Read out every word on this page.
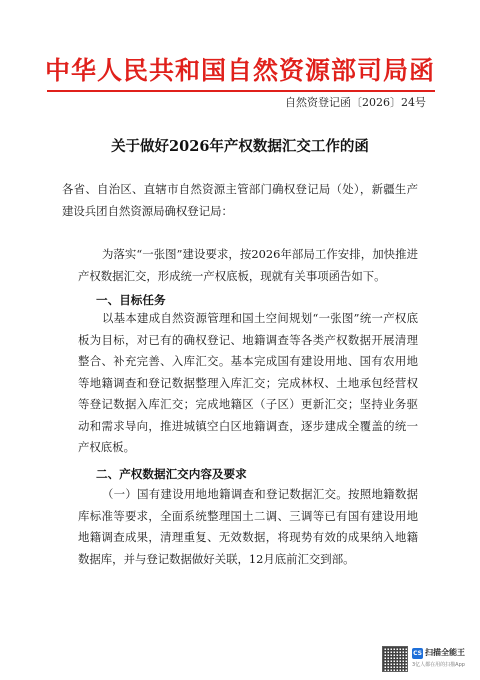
中华人民共和国自然资源部司局函
自然资登记函〔2026〕24号
关于做好2026年产权数据汇交工作的函

各省、自治区、直辖市自然资源主管部门确权登记局（处），新疆生产建设兵团自然资源局确权登记局：

为落实“一张图”建设要求，按2026年部局工作安排，加快推进产权数据汇交，形成统一产权底板，现就有关事项函告如下。

一、目标任务

以基本建成自然资源管理和国土空间规划“一张图”统一产权底板为目标，对已有的确权登记、地籍调查等各类产权数据开展清理整合、补充完善、入库汇交。基本完成国有建设用地、国有农用地等地籍调查和登记数据整理入库汇交；完成林权、土地承包经营权等登记数据入库汇交；完成地籍区（子区）更新汇交；坚持业务驱动和需求导向，推进城镇空白区地籍调查，逐步建成全覆盖的统一产权底板。

二、产权数据汇交内容及要求

（一）国有建设用地地籍调查和登记数据汇交。按照地籍数据库标准等要求，全面系统整理国土二调、三调等已有国有建设用地地籍调查成果，清理重复、无效数据，将现势有效的成果纳入地籍数据库，并与登记数据做好关联，12月底前汇交到部。

CS 扫描全能王
3亿人都在用的扫描App
